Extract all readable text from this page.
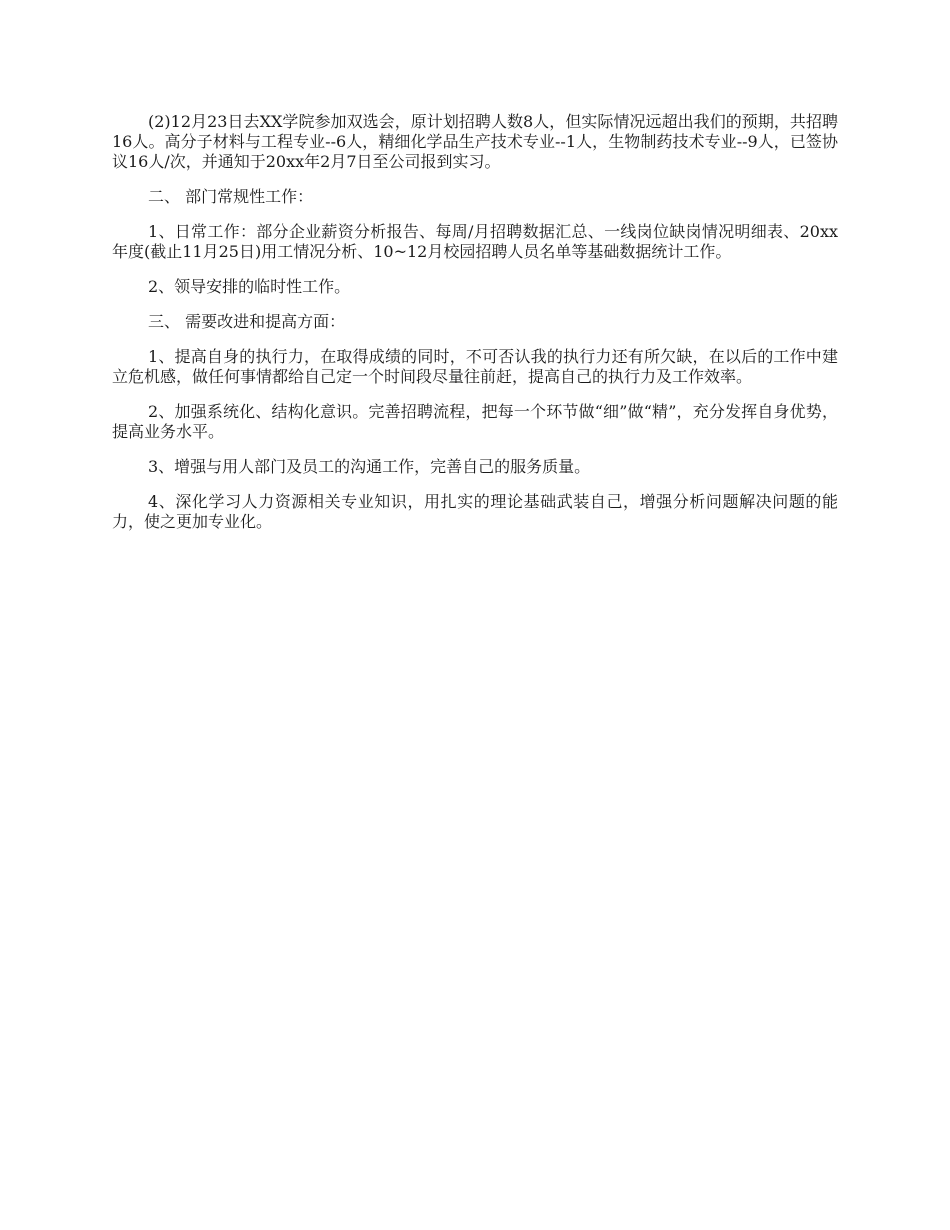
(2)12月23日去XX学院参加双选会，原计划招聘人数8人，但实际情况远超出我们的预期，共招聘16人。高分子材料与工程专业--6人，精细化学品生产技术专业--1人，生物制药技术专业--9人，已签协议16人/次，并通知于20xx年2月7日至公司报到实习。

二、 部门常规性工作：

1、日常工作：部分企业薪资分析报告、每周/月招聘数据汇总、一线岗位缺岗情况明细表、20xx年度(截止11月25日)用工情况分析、10~12月校园招聘人员名单等基础数据统计工作。

2、领导安排的临时性工作。

三、 需要改进和提高方面：

1、提高自身的执行力，在取得成绩的同时，不可否认我的执行力还有所欠缺，在以后的工作中建立危机感，做任何事情都给自己定一个时间段尽量往前赶，提高自己的执行力及工作效率。

2、加强系统化、结构化意识。完善招聘流程，把每一个环节做“细”做“精”，充分发挥自身优势，提高业务水平。

3、增强与用人部门及员工的沟通工作，完善自己的服务质量。

4、深化学习人力资源相关专业知识，用扎实的理论基础武装自己，增强分析问题解决问题的能力，使之更加专业化。
